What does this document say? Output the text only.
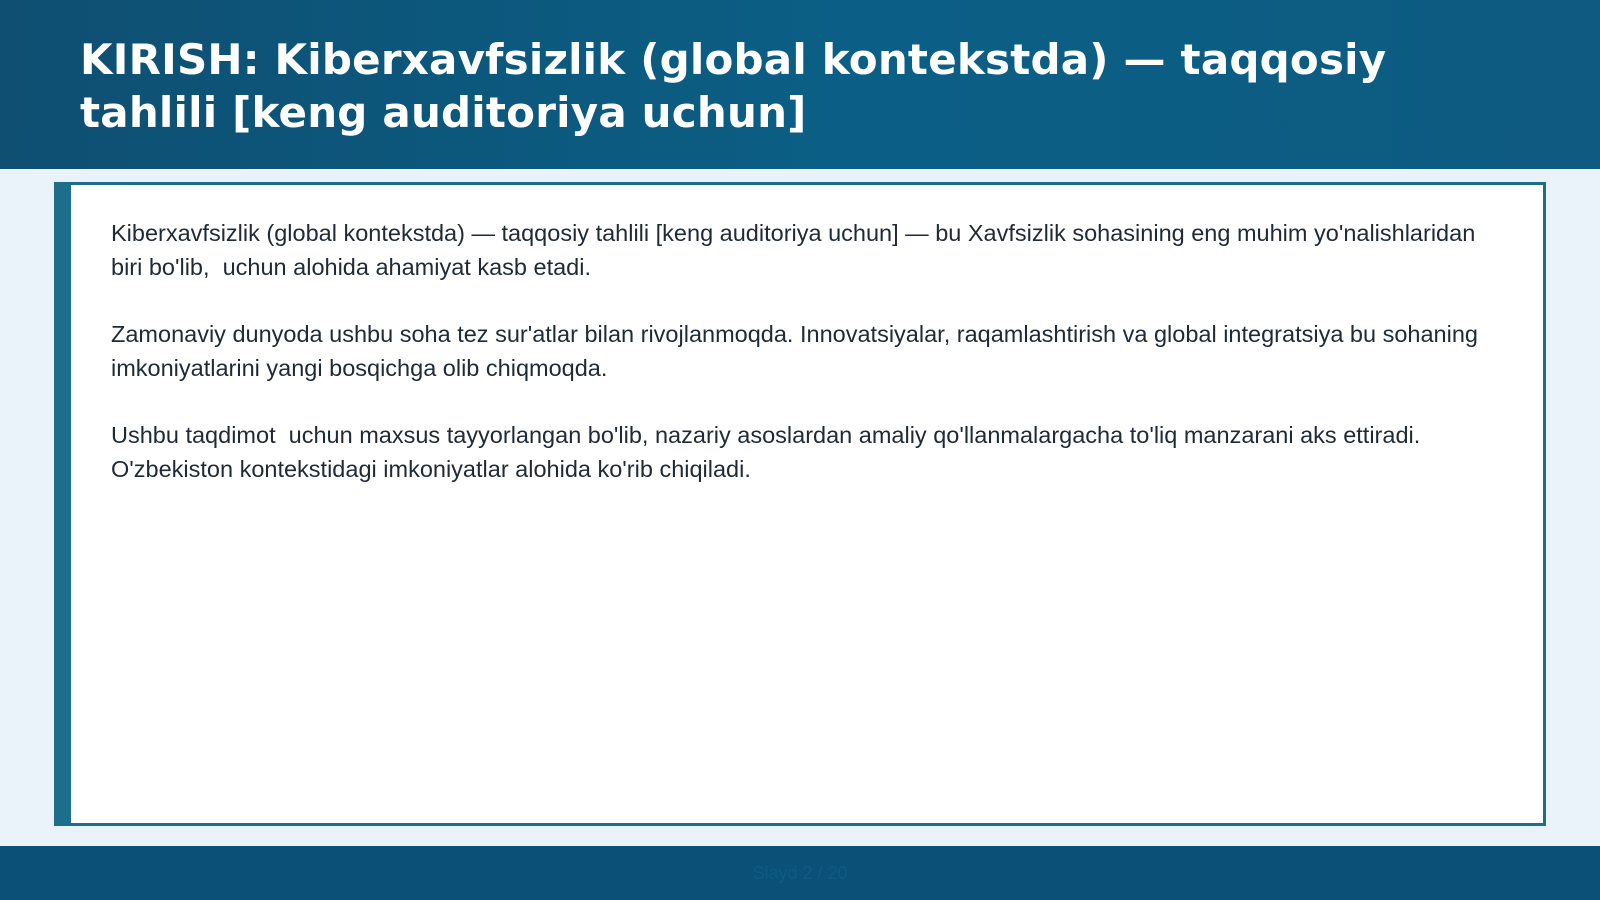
KIRISH: Kiberxavfsizlik (global kontekstda) — taqqosiy tahlili [keng auditoriya uchun]

Kiberxavfsizlik (global kontekstda) — taqqosiy tahlili [keng auditoriya uchun] — bu Xavfsizlik sohasining eng muhim yo'nalishlaridan biri bo'lib,  uchun alohida ahamiyat kasb etadi.

Zamonaviy dunyoda ushbu soha tez sur'atlar bilan rivojlanmoqda. Innovatsiyalar, raqamlashtirish va global integratsiya bu sohaning imkoniyatlarini yangi bosqichga olib chiqmoqda.

Ushbu taqdimot  uchun maxsus tayyorlangan bo'lib, nazariy asoslardan amaliy qo'llanmalargacha to'liq manzarani aks ettiradi. O'zbekiston kontekstidagi imkoniyatlar alohida ko'rib chiqiladi.

Slayd 2 / 20
